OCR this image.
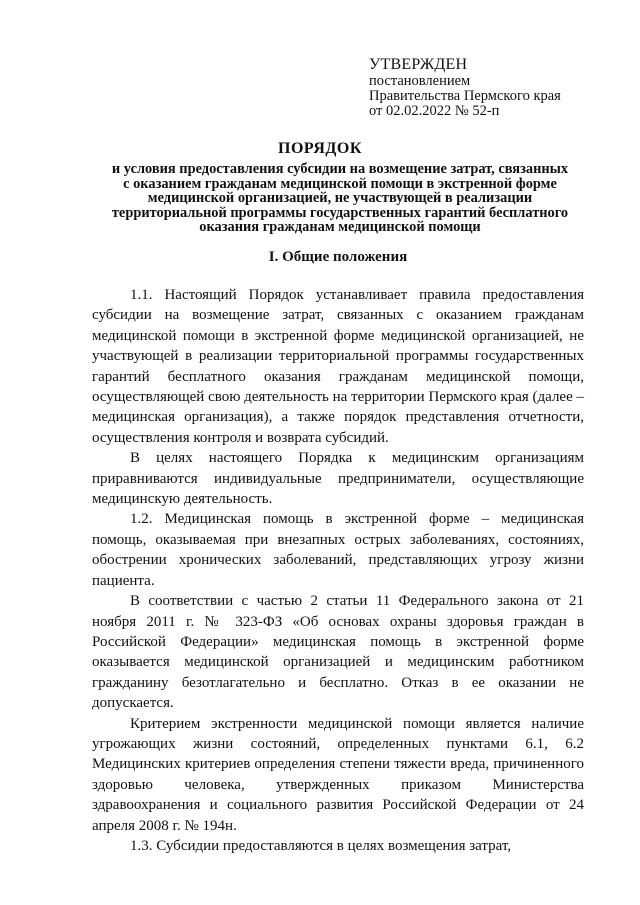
УТВЕРЖДЕН
постановлением
Правительства Пермского края
от 02.02.2022 № 52-п
ПОРЯДОК
и условия предоставления субсидии на возмещение затрат, связанных с оказанием гражданам медицинской помощи в экстренной форме медицинской организацией, не участвующей в реализации территориальной программы государственных гарантий бесплатного оказания гражданам медицинской помощи
I. Общие положения

1.1. Настоящий Порядок устанавливает правила предоставления субсидии на возмещение затрат, связанных с оказанием гражданам медицинской помощи в экстренной форме медицинской организацией, не участвующей в реализации территориальной программы государственных гарантий бесплатного оказания гражданам медицинской помощи, осуществляющей свою деятельность на территории Пермского края (далее – медицинская организация), а также порядок представления отчетности, осуществления контроля и возврата субсидий.

В целях настоящего Порядка к медицинским организациям приравниваются индивидуальные предприниматели, осуществляющие медицинскую деятельность.

1.2. Медицинская помощь в экстренной форме – медицинская помощь, оказываемая при внезапных острых заболеваниях, состояниях, обострении хронических заболеваний, представляющих угрозу жизни пациента.

В соответствии с частью 2 статьи 11 Федерального закона от 21 ноября 2011 г. № 323-ФЗ «Об основах охраны здоровья граждан в Российской Федерации» медицинская помощь в экстренной форме оказывается медицинской организацией и медицинским работником гражданину безотлагательно и бесплатно. Отказ в ее оказании не допускается.

Критерием экстренности медицинской помощи является наличие угрожающих жизни состояний, определенных пунктами 6.1, 6.2 Медицинских критериев определения степени тяжести вреда, причиненного здоровью человека, утвержденных приказом Министерства здравоохранения и социального развития Российской Федерации от 24 апреля 2008 г. № 194н.

1.3. Субсидии предоставляются в целях возмещения затрат,
